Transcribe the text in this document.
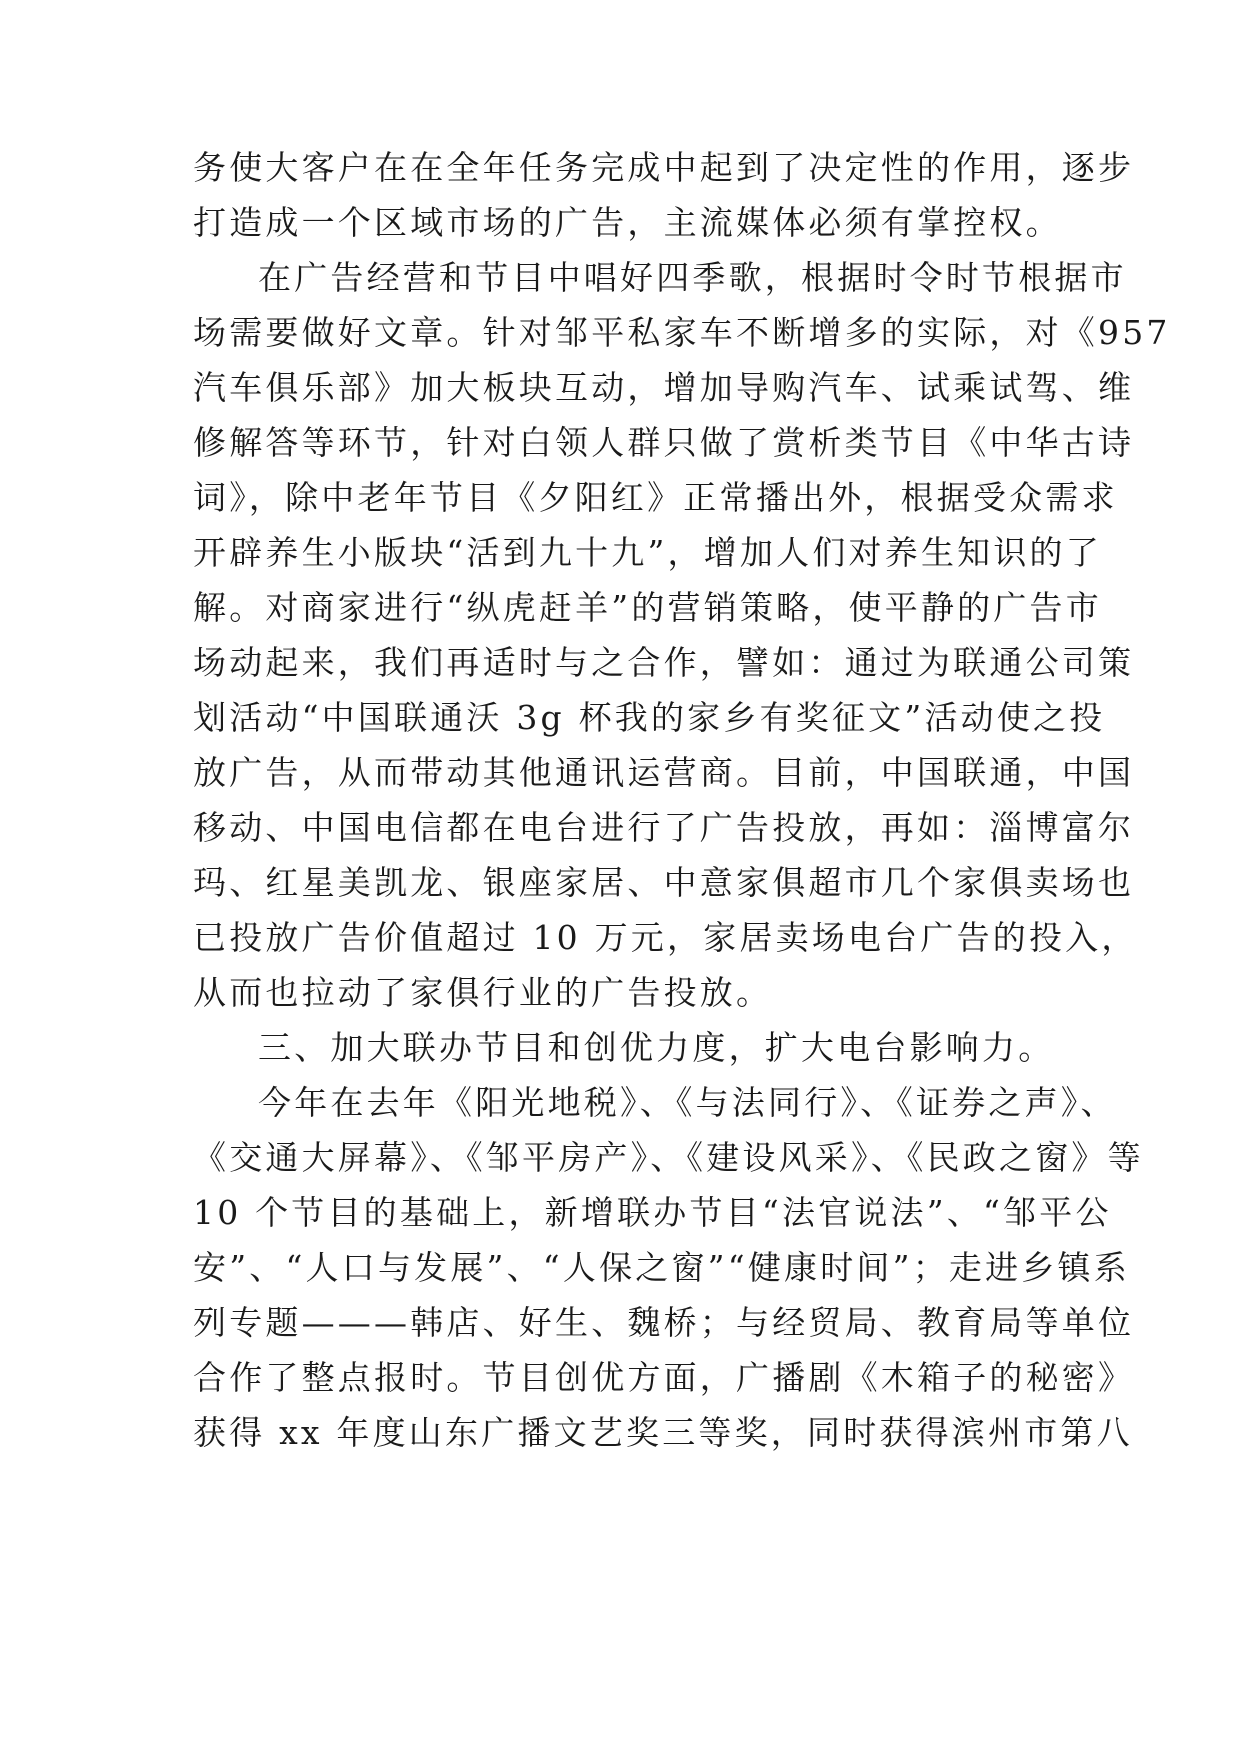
务使大客户在在全年任务完成中起到了决定性的作用，逐步
打造成一个区域市场的广告，主流媒体必须有掌控权。
在广告经营和节目中唱好四季歌，根据时令时节根据市
场需要做好文章。针对邹平私家车不断增多的实际，对《957
汽车俱乐部》加大板块互动，增加导购汽车、试乘试驾、维
修解答等环节，针对白领人群只做了赏析类节目《中华古诗
词》，除中老年节目《夕阳红》正常播出外，根据受众需求
开辟养生小版块“活到九十九”，增加人们对养生知识的了
解。对商家进行“纵虎赶羊”的营销策略，使平静的广告市
场动起来，我们再适时与之合作，譬如：通过为联通公司策
划活动“中国联通沃 3g 杯我的家乡有奖征文”活动使之投
放广告，从而带动其他通讯运营商。目前，中国联通，中国
移动、中国电信都在电台进行了广告投放，再如：淄博富尔
玛、红星美凯龙、银座家居、中意家俱超市几个家俱卖场也
已投放广告价值超过 10 万元，家居卖场电台广告的投入，
从而也拉动了家俱行业的广告投放。
三、加大联办节目和创优力度，扩大电台影响力。
今年在去年《阳光地税》、《与法同行》、《证券之声》、
《交通大屏幕》、《邹平房产》、《建设风采》、《民政之窗》等
10 个节目的基础上，新增联办节目“法官说法”、“邹平公
安”、“人口与发展”、“人保之窗”“健康时间”；走进乡镇系
列专题———韩店、好生、魏桥；与经贸局、教育局等单位
合作了整点报时。节目创优方面，广播剧《木箱子的秘密》
获得 xx 年度山东广播文艺奖三等奖，同时获得滨州市第八
